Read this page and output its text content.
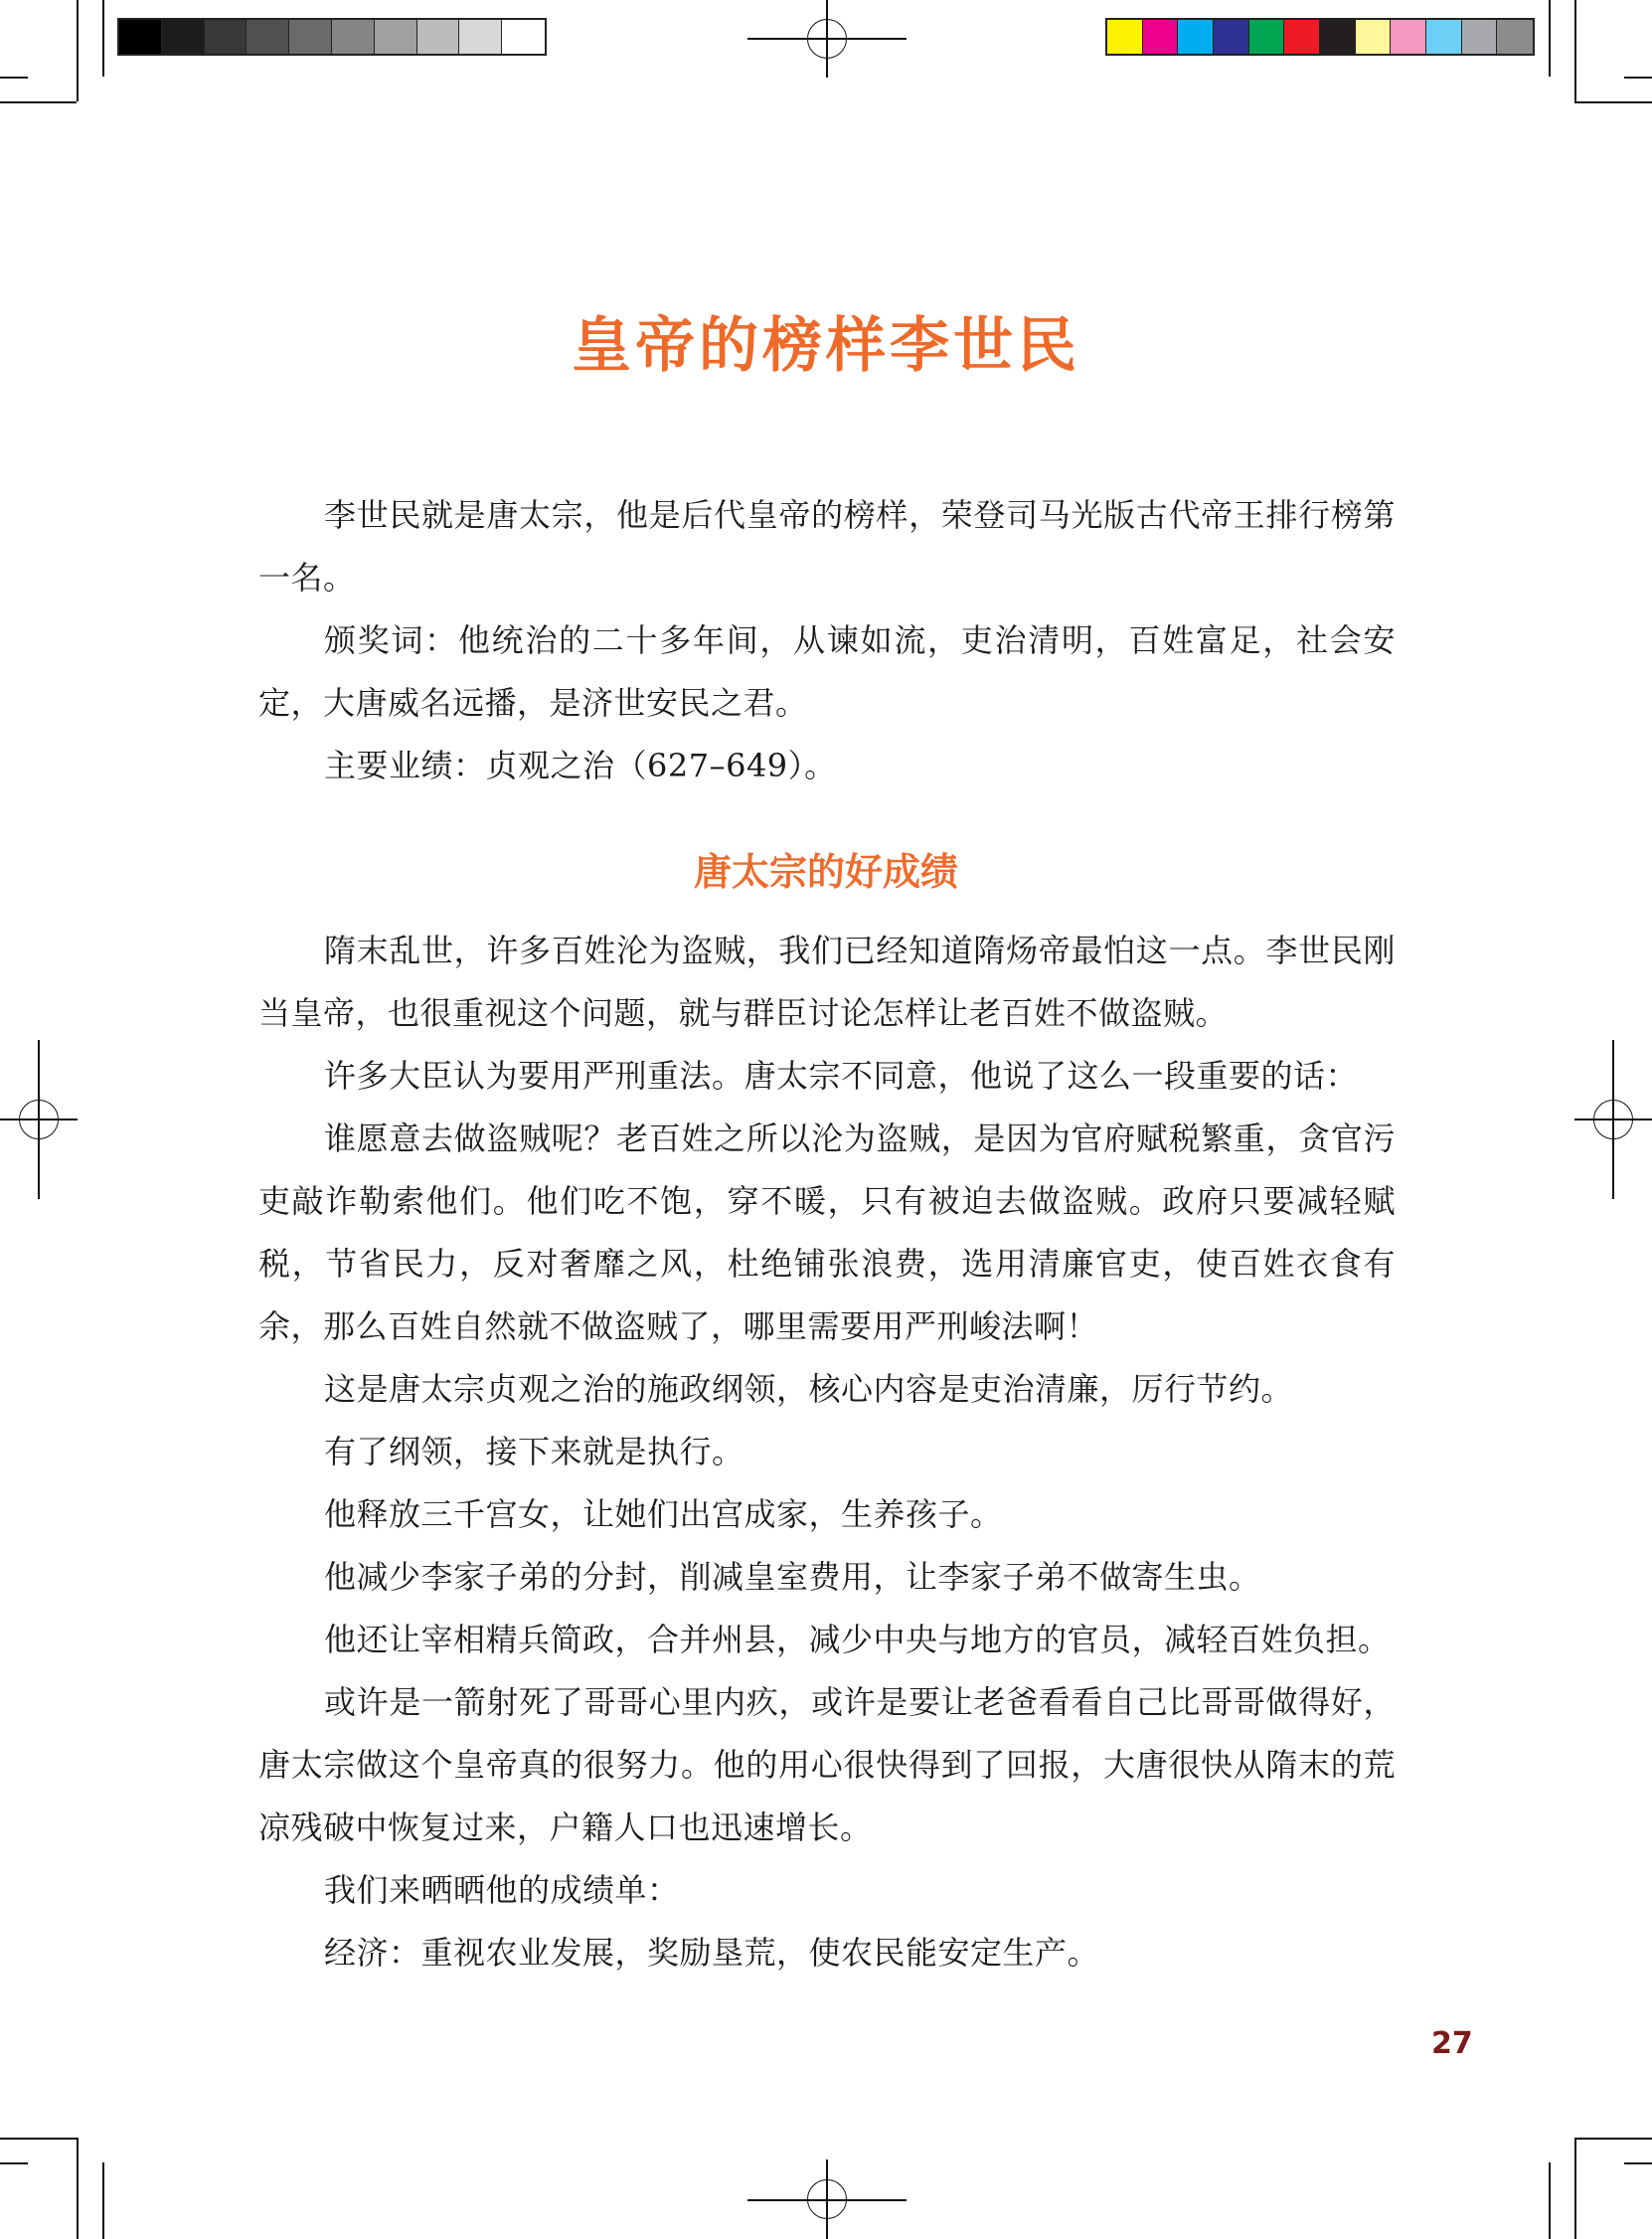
皇帝的榜样李世民

李世民就是唐太宗，他是后代皇帝的榜样，荣登司马光版古代帝王排行榜第一名。

颁奖词：他统治的二十多年间，从谏如流，吏治清明，百姓富足，社会安定，大唐威名远播，是济世安民之君。

主要业绩：贞观之治（627–649）。

唐太宗的好成绩

隋末乱世，许多百姓沦为盗贼，我们已经知道隋炀帝最怕这一点。李世民刚当皇帝，也很重视这个问题，就与群臣讨论怎样让老百姓不做盗贼。

许多大臣认为要用严刑重法。唐太宗不同意，他说了这么一段重要的话：

谁愿意去做盗贼呢？老百姓之所以沦为盗贼，是因为官府赋税繁重，贪官污吏敲诈勒索他们。他们吃不饱，穿不暖，只有被迫去做盗贼。政府只要减轻赋税，节省民力，反对奢靡之风，杜绝铺张浪费，选用清廉官吏，使百姓衣食有余，那么百姓自然就不做盗贼了，哪里需要用严刑峻法啊！

这是唐太宗贞观之治的施政纲领，核心内容是吏治清廉，厉行节约。

有了纲领，接下来就是执行。

他释放三千宫女，让她们出宫成家，生养孩子。

他减少李家子弟的分封，削减皇室费用，让李家子弟不做寄生虫。

他还让宰相精兵简政，合并州县，减少中央与地方的官员，减轻百姓负担。

或许是一箭射死了哥哥心里内疚，或许是要让老爸看看自己比哥哥做得好，唐太宗做这个皇帝真的很努力。他的用心很快得到了回报，大唐很快从隋末的荒凉残破中恢复过来，户籍人口也迅速增长。

我们来晒晒他的成绩单：

经济：重视农业发展，奖励垦荒，使农民能安定生产。

27
